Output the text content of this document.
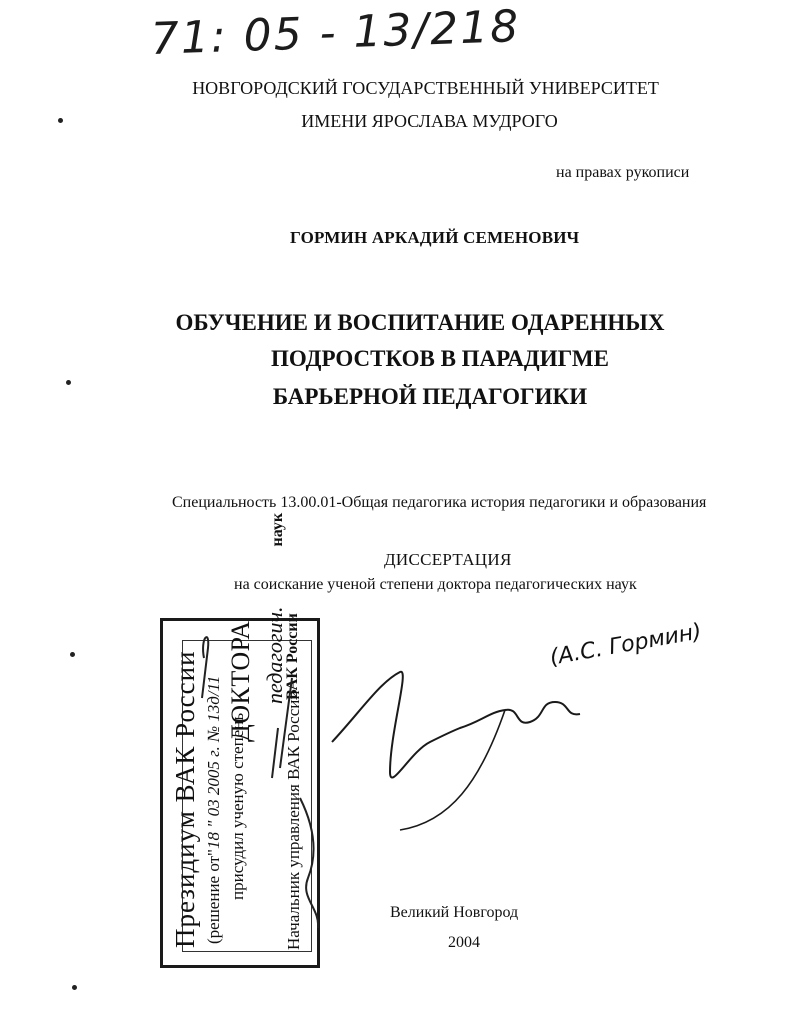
71: 05 - 13/218
НОВГОРОДСКИЙ ГОСУДАРСТВЕННЫЙ УНИВЕРСИТЕТ
ИМЕНИ ЯРОСЛАВА МУДРОГО
на правах рукописи
ГОРМИН АРКАДИЙ СЕМЕНОВИЧ
ОБУЧЕНИЕ И ВОСПИТАНИЕ ОДАРЕННЫХ
ПОДРОСТКОВ В ПАРАДИГМЕ
БАРЬЕРНОЙ ПЕДАГОГИКИ
Специальность 13.00.01-Общая педагогика история педагогики и образования
ДИССЕРТАЦИЯ
на соискание ученой степени доктора педагогических наук
Президиум ВАК России (решение от"18 " 03 2005 г. № 13д/11 присудил ученую степень
ДОКТОРА педагогич.наук
Начальник управления ВАК России
ВАК России	(А.С. Гормин)
Великий Новгород
2004
